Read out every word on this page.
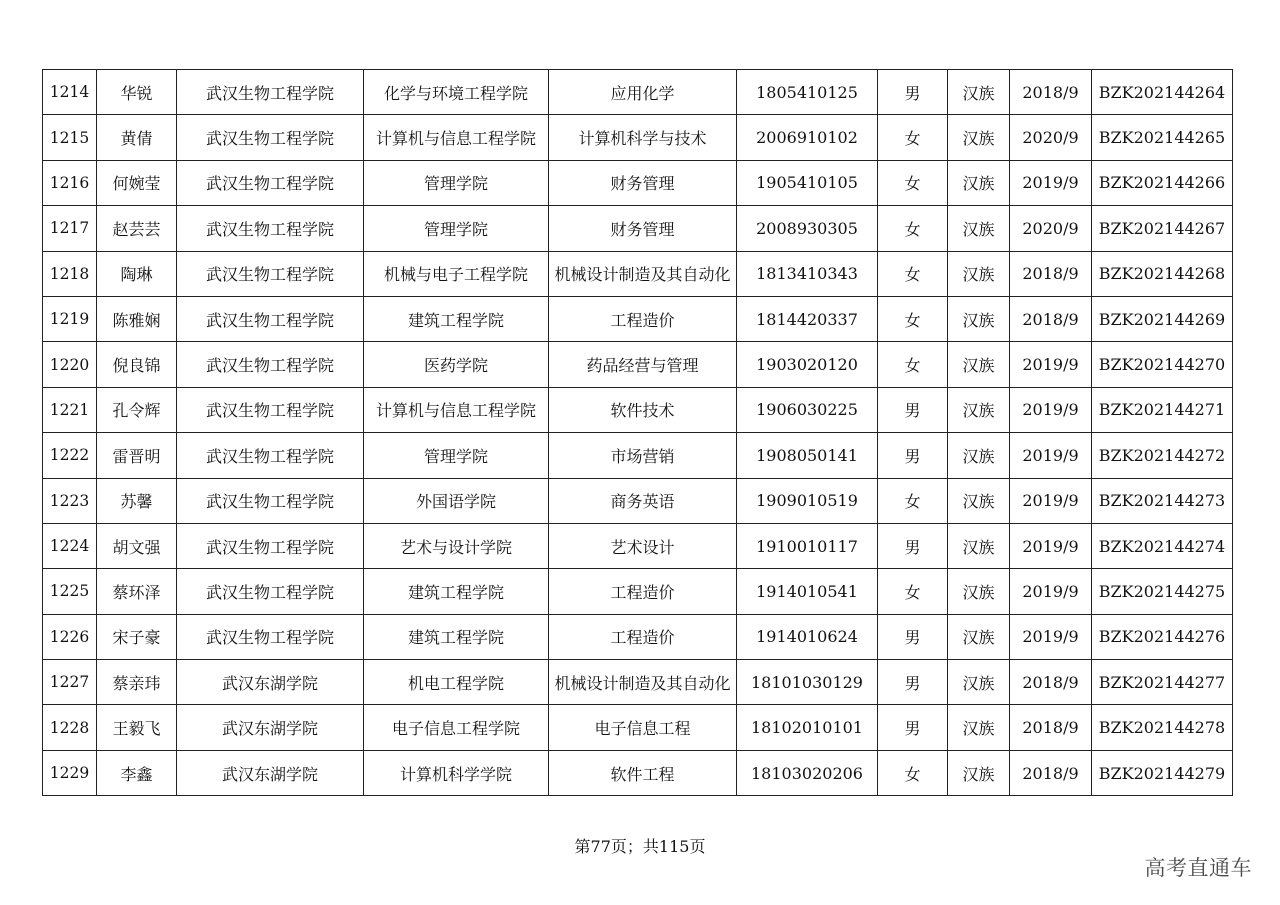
1214	华锐	武汉生物工程学院	化学与环境工程学院	应用化学	1805410125	男	汉族	2018/9	BZK202144264
1215	黄倩	武汉生物工程学院	计算机与信息工程学院	计算机科学与技术	2006910102	女	汉族	2020/9	BZK202144265
1216	何婉莹	武汉生物工程学院	管理学院	财务管理	1905410105	女	汉族	2019/9	BZK202144266
1217	赵芸芸	武汉生物工程学院	管理学院	财务管理	2008930305	女	汉族	2020/9	BZK202144267
1218	陶琳	武汉生物工程学院	机械与电子工程学院	机械设计制造及其自动化	1813410343	女	汉族	2018/9	BZK202144268
1219	陈雅娴	武汉生物工程学院	建筑工程学院	工程造价	1814420337	女	汉族	2018/9	BZK202144269
1220	倪良锦	武汉生物工程学院	医药学院	药品经营与管理	1903020120	女	汉族	2019/9	BZK202144270
1221	孔令辉	武汉生物工程学院	计算机与信息工程学院	软件技术	1906030225	男	汉族	2019/9	BZK202144271
1222	雷晋明	武汉生物工程学院	管理学院	市场营销	1908050141	男	汉族	2019/9	BZK202144272
1223	苏馨	武汉生物工程学院	外国语学院	商务英语	1909010519	女	汉族	2019/9	BZK202144273
1224	胡文强	武汉生物工程学院	艺术与设计学院	艺术设计	1910010117	男	汉族	2019/9	BZK202144274
1225	蔡环泽	武汉生物工程学院	建筑工程学院	工程造价	1914010541	女	汉族	2019/9	BZK202144275
1226	宋子豪	武汉生物工程学院	建筑工程学院	工程造价	1914010624	男	汉族	2019/9	BZK202144276
1227	蔡亲玮	武汉东湖学院	机电工程学院	机械设计制造及其自动化	18101030129	男	汉族	2018/9	BZK202144277
1228	王毅飞	武汉东湖学院	电子信息工程学院	电子信息工程	18102010101	男	汉族	2018/9	BZK202144278
1229	李鑫	武汉东湖学院	计算机科学学院	软件工程	18103020206	女	汉族	2018/9	BZK202144279
第77页；共115页
高考直通车
